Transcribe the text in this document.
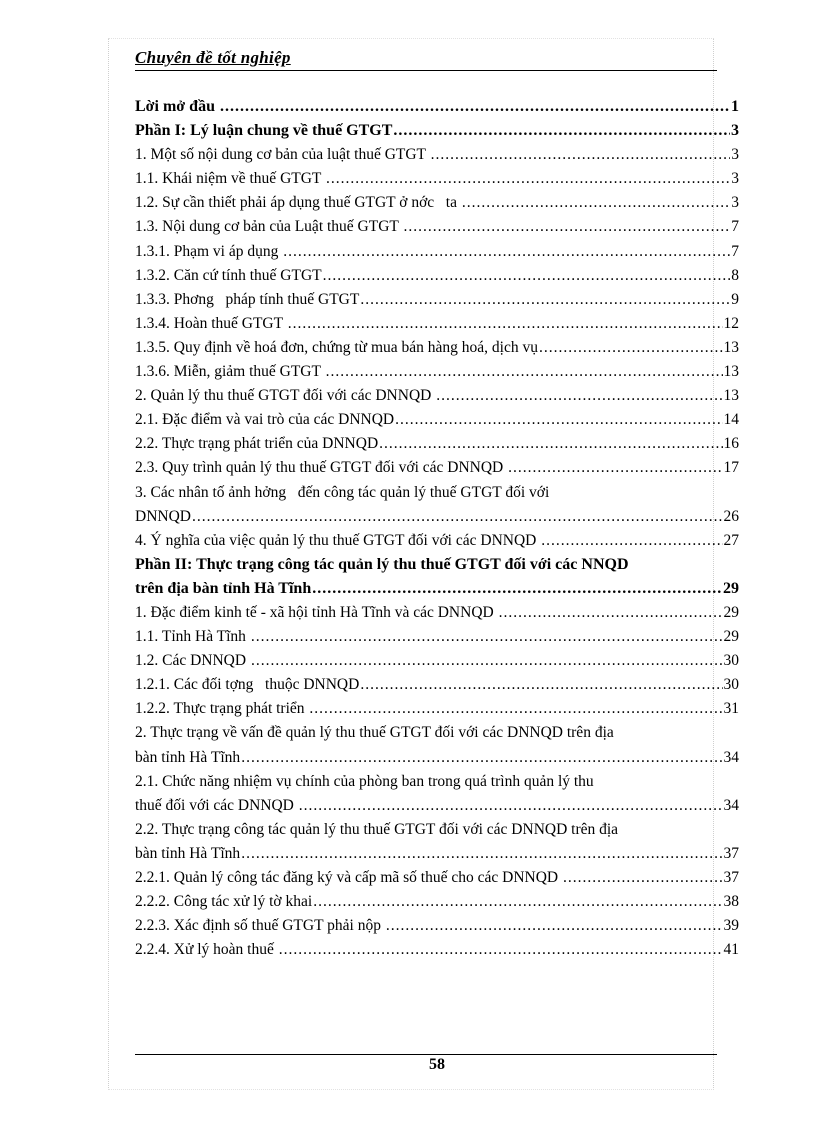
Chuyên đề tốt nghiệp
Lời mở đầu .....	1
Phần I: Lý luận chung về thuế GTGT .....	3
1. Một số nội dung cơ bản của luật thuế GTGT .....	3
1.1. Khái niệm về thuế GTGT .....	3
1.2. Sự cần thiết phải áp dụng thuế GTGT ở nớc   ta .....	3
1.3. Nội dung cơ bản của Luật thuế GTGT .....	7
1.3.1. Phạm vi áp dụng .....	7
1.3.2. Căn cứ tính thuế GTGT .....	8
1.3.3. Phơng   pháp tính thuế GTGT .....	9
1.3.4. Hoàn thuế GTGT .....	12
1.3.5. Quy định về hoá đơn, chứng từ mua bán hàng hoá, dịch vụ .....	13
1.3.6. Miễn, giảm thuế GTGT .....	13
2. Quản lý thu thuế GTGT đối với các DNNQD .....	13
2.1. Đặc điểm và vai trò của các DNNQD .....	14
2.2. Thực trạng phát triển của DNNQD .....	16
2.3. Quy trình quản lý thu thuế GTGT đối với các DNNQD .....	17
3. Các nhân tố ảnh hởng   đến công tác quản lý thuế GTGT đối với
DNNQD .....	26
4. Ý nghĩa của việc quản lý thu thuế GTGT đối với các DNNQD .....	27
Phần II: Thực trạng công tác quản lý thu thuế GTGT đối với các NNQD
trên địa bàn tỉnh Hà Tĩnh .....	29
1. Đặc điểm kinh tế - xã hội tỉnh Hà Tĩnh và các DNNQD .....	29
1.1. Tỉnh Hà Tĩnh .....	29
1.2. Các DNNQD .....	30
1.2.1. Các đối tợng   thuộc DNNQD .....	30
1.2.2. Thực trạng phát triển .....	31
2. Thực trạng về vấn đề quản lý thu thuế GTGT đối với các DNNQD trên địa
bàn tỉnh Hà Tĩnh .....	34
2.1. Chức năng nhiệm vụ chính của phòng ban trong quá trình quản lý thu
thuế đối với các DNNQD .....	34
2.2. Thực trạng công tác quản lý thu thuế GTGT đối với các DNNQD trên địa
bàn tỉnh Hà Tĩnh .....	37
2.2.1. Quản lý công tác đăng ký và cấp mã số thuế cho các DNNQD .....	37
2.2.2. Công tác xử lý tờ khai .....	38
2.2.3. Xác định số thuế GTGT phải nộp .....	39
2.2.4. Xử lý hoàn thuế .....	41
58
